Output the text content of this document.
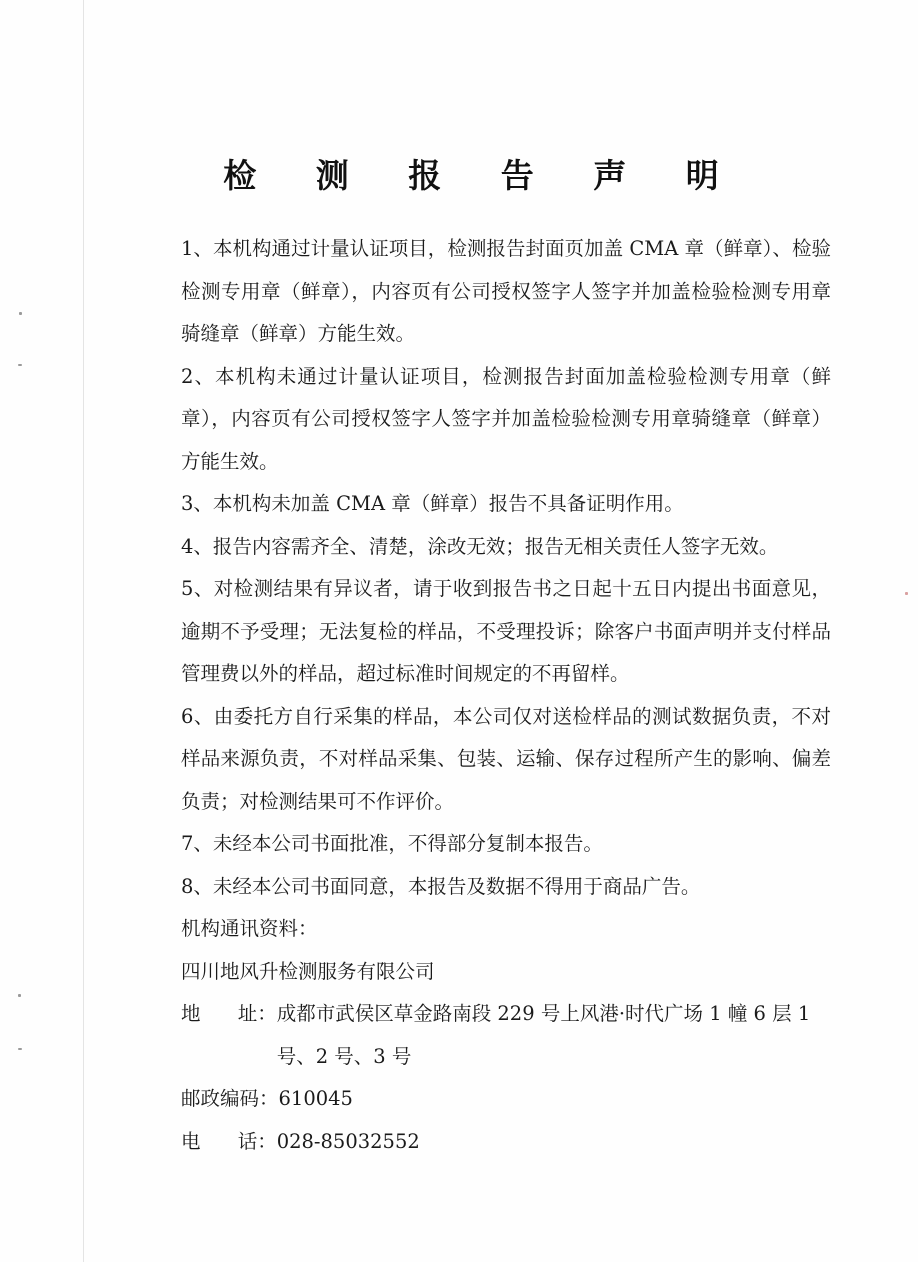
检 测 报 告 声 明

1、本机构通过计量认证项目，检测报告封面页加盖 CMA 章（鲜章）、检验检测专用章（鲜章），内容页有公司授权签字人签字并加盖检验检测专用章骑缝章（鲜章）方能生效。

2、本机构未通过计量认证项目，检测报告封面加盖检验检测专用章（鲜章），内容页有公司授权签字人签字并加盖检验检测专用章骑缝章（鲜章）方能生效。

3、本机构未加盖 CMA 章（鲜章）报告不具备证明作用。

4、报告内容需齐全、清楚，涂改无效；报告无相关责任人签字无效。

5、对检测结果有异议者，请于收到报告书之日起十五日内提出书面意见，逾期不予受理；无法复检的样品，不受理投诉；除客户书面声明并支付样品管理费以外的样品，超过标准时间规定的不再留样。

6、由委托方自行采集的样品，本公司仅对送检样品的测试数据负责，不对样品来源负责，不对样品采集、包装、运输、保存过程所产生的影响、偏差负责；对检测结果可不作评价。

7、未经本公司书面批准，不得部分复制本报告。

8、未经本公司书面同意，本报告及数据不得用于商品广告。

机构通讯资料：

四川地风升检测服务有限公司

地      址： 成都市武侯区草金路南段 229 号上风港·时代广场 1 幢 6 层 1 号、2 号、3 号

邮政编码：610045

电      话：028-85032552
